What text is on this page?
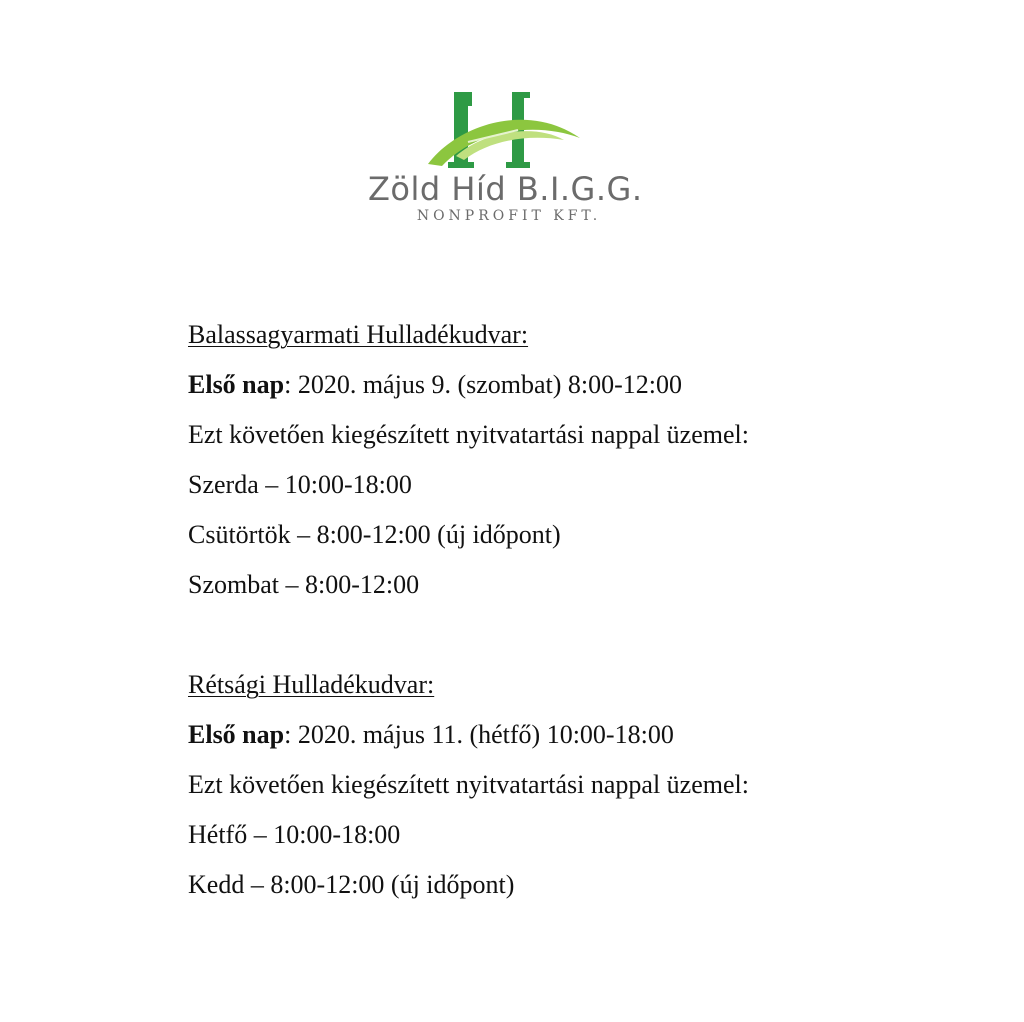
Zöld Híd B.I.G.G.
NONPROFIT KFT.
Balassagyarmati Hulladékudvar:
Első nap: 2020. május 9. (szombat) 8:00-12:00
Ezt követően kiegészített nyitvatartási nappal üzemel:
Szerda – 10:00-18:00
Csütörtök – 8:00-12:00 (új időpont)
Szombat – 8:00-12:00
Rétsági Hulladékudvar:
Első nap: 2020. május 11. (hétfő) 10:00-18:00
Ezt követően kiegészített nyitvatartási nappal üzemel:
Hétfő – 10:00-18:00
Kedd – 8:00-12:00 (új időpont)
